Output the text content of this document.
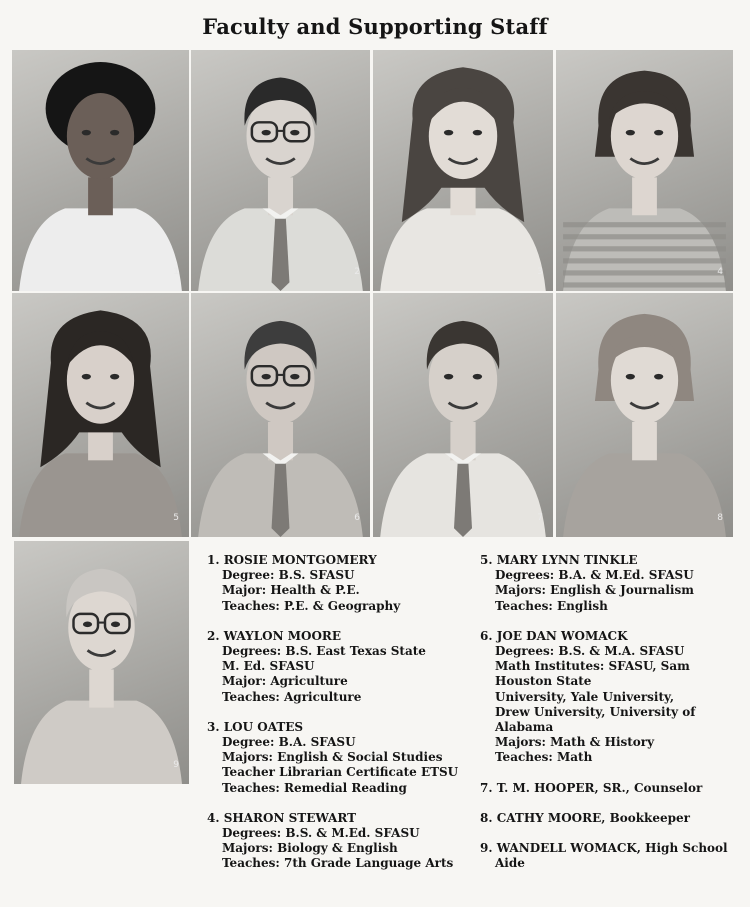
Faculty and Supporting Staff
1	2	3	4
5	6	7	8
9
1. ROSIE MONTGOMERY
Degree: B.S. SFASU
Major: Health & P.E.
Teaches: P.E. & Geography
2. WAYLON MOORE
Degrees: B.S. East Texas State
M. Ed. SFASU
Major: Agriculture
Teaches: Agriculture
3. LOU OATES
Degree: B.A. SFASU
Majors: English & Social Studies
Teacher Librarian Certificate ETSU
Teaches: Remedial Reading
4. SHARON STEWART
Degrees: B.S. & M.Ed. SFASU
Majors: Biology & English
Teaches: 7th Grade Language Arts
5. MARY LYNN TINKLE
Degrees: B.A. & M.Ed. SFASU
Majors: English & Journalism
Teaches: English
6. JOE DAN WOMACK
Degrees: B.S. & M.A. SFASU
Math Institutes: SFASU, Sam
Houston State
University, Yale University,
Drew University, University of
Alabama
Majors: Math & History
Teaches: Math
7. T. M. HOOPER, SR., Counselor
8. CATHY MOORE, Bookkeeper
9. WANDELL WOMACK, High School
Aide
